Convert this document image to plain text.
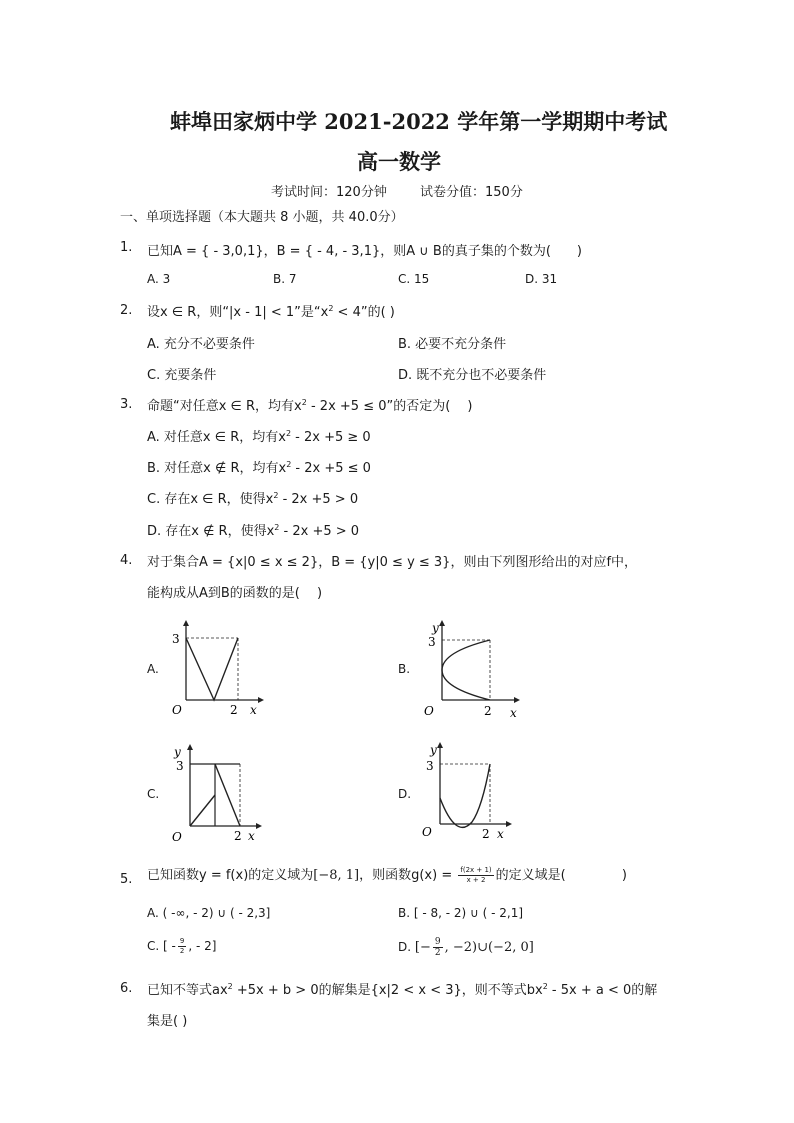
蚌埠田家炳中学 2021-2022 学年第一学期期中考试
高一数学
考试时间：120分钟	试卷分值：150分
一、单项选择题（本大题共 8 小题，共 40.0分）
1. 已知A = { - 3,0,1}，B = { - 4, - 3,1}，则A ∪ B的真子集的个数为(　　)
A. 3	B. 7	C. 15	D. 31
2. 设x ∈ R，则“|x - 1| < 1”是“$x^2 < 4$”的( )
A. 充分不必要条件	B. 必要不充分条件
C. 充要条件	D. 既不充分也不必要条件
3. 命题“对任意x ∈ R，均有$x^2 - 2x +5 \le 0$”的否定为(　 )
A. 对任意x ∈ R，均有$x^2 - 2x +5 \ge 0$
B. 对任意x ∉ R，均有$x^2 - 2x +5 \le 0$
C. 存在x ∈ R，使得$x^2 - 2x +5 > 0$
D. 存在x ∉ R，使得$x^2 - 2x +5 > 0$
4. 对于集合A = {x|0 ≤ x ≤ 2}，B = {y|0 ≤ y ≤ 3}，则由下列图形给出的对应f中，
能构成从A到B的函数的是(　 )
A.	B.
C.	D.
3
O	2 x
y
3
O	2 x
y
3
O	2 x
y
3
O	2 x
5. 已知函数y = f(x)的定义域为[−8, 1]，则函数$g(x) = \frac{f(2x + 1)}{x + 2}$ 的定义域是(　　　　 )
A. ( -∞, - 2) ∪ ( - 2,3]	B. [ - 8, - 2) ∪ ( - 2,1]
C. [ - $\frac{9}{2}$ , - 2]	D. [− $\frac{9}{2}$ , −2)∪(−2, 0]
6. 已知不等式$ax^2 +5x + b > 0$的解集是{x|2 < x < 3}，则不等式$bx^2 - 5x + a < 0$的解
集是( )
